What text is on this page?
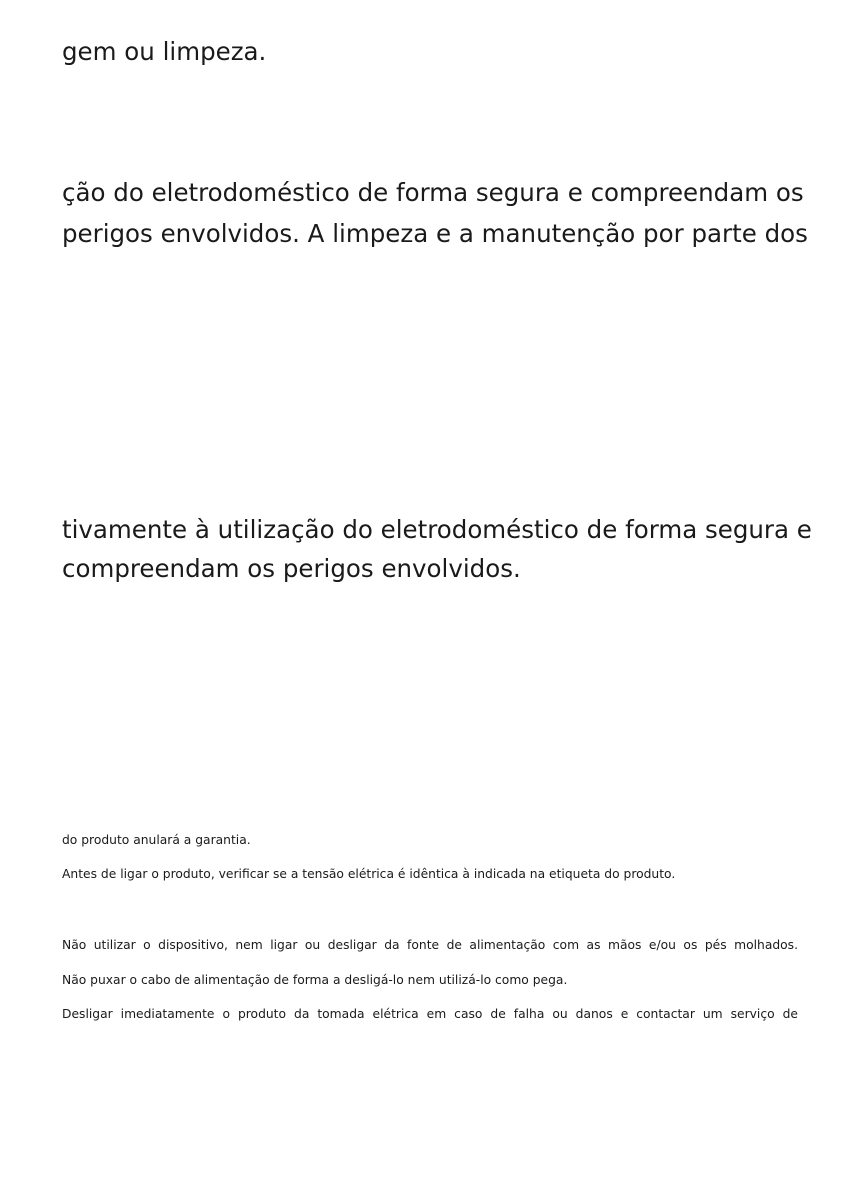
gem ou limpeza.

ção do eletrodoméstico de forma segura e compreendam os

perigos envolvidos. A limpeza e a manutenção por parte dos

tivamente à utilização do eletrodoméstico de forma segura e

compreendam os perigos envolvidos.

do produto anulará a garantia.

Antes de ligar o produto, verificar se a tensão elétrica é idêntica à indicada na etiqueta do produto.

Não utilizar o dispositivo, nem ligar ou desligar da fonte de alimentação com as mãos e/ou os pés molhados.

Não puxar o cabo de alimentação de forma a desligá-lo nem utilizá-lo como pega.

Desligar imediatamente o produto da tomada elétrica em caso de falha ou danos e contactar um serviço de
